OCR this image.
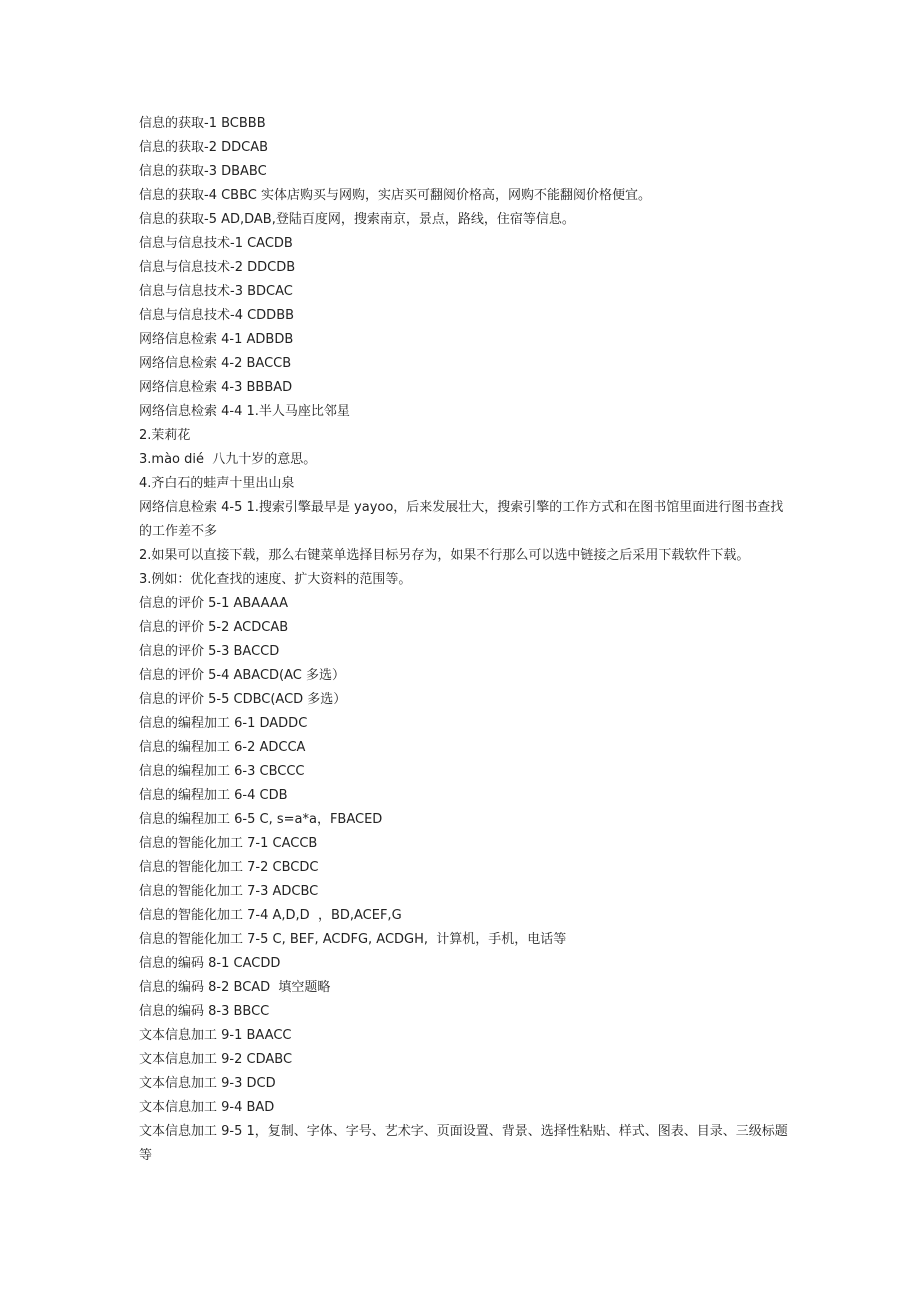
信息的获取-1 BCBBB

信息的获取-2 DDCAB

信息的获取-3 DBABC

信息的获取-4 CBBC 实体店购买与网购，实店买可翻阅价格高，网购不能翻阅价格便宜。

信息的获取-5 AD,DAB,登陆百度网，搜索南京，景点，路线，住宿等信息。

信息与信息技术-1 CACDB

信息与信息技术-2 DDCDB

信息与信息技术-3 BDCAC

信息与信息技术-4 CDDBB

网络信息检索 4-1 ADBDB

网络信息检索 4-2 BACCB

网络信息检索 4-3 BBBAD

网络信息检索 4-4 1.半人马座比邻星

2.茉莉花

3.mào dié  八九十岁的意思。

4.齐白石的蛙声十里出山泉

网络信息检索 4-5 1.搜索引擎最早是 yayoo，后来发展壮大，搜索引擎的工作方式和在图书馆里面进行图书查找的工作差不多

2.如果可以直接下载，那么右键菜单选择目标另存为，如果不行那么可以选中链接之后采用下载软件下载。

3.例如：优化查找的速度、扩大资料的范围等。

信息的评价 5-1 ABAAAA

信息的评价 5-2 ACDCAB

信息的评价 5-3 BACCD

信息的评价 5-4 ABACD(AC 多选）

信息的评价 5-5 CDBC(ACD 多选）

信息的编程加工 6-1 DADDC

信息的编程加工 6-2 ADCCA

信息的编程加工 6-3 CBCCC

信息的编程加工 6-4 CDB

信息的编程加工 6-5 C, s=a*a，FBACED

信息的智能化加工 7-1 CACCB

信息的智能化加工 7-2 CBCDC

信息的智能化加工 7-3 ADCBC

信息的智能化加工 7-4 A,D,D  ，BD,ACEF,G

信息的智能化加工 7-5 C, BEF, ACDFG, ACDGH,  计算机，手机，电话等

信息的编码 8-1 CACDD

信息的编码 8-2 BCAD  填空题略

信息的编码 8-3 BBCC

文本信息加工 9-1 BAACC

文本信息加工 9-2 CDABC

文本信息加工 9-3 DCD

文本信息加工 9-4 BAD

文本信息加工 9-5 1，复制、字体、字号、艺术字、页面设置、背景、选择性粘贴、样式、图表、目录、三级标题等
